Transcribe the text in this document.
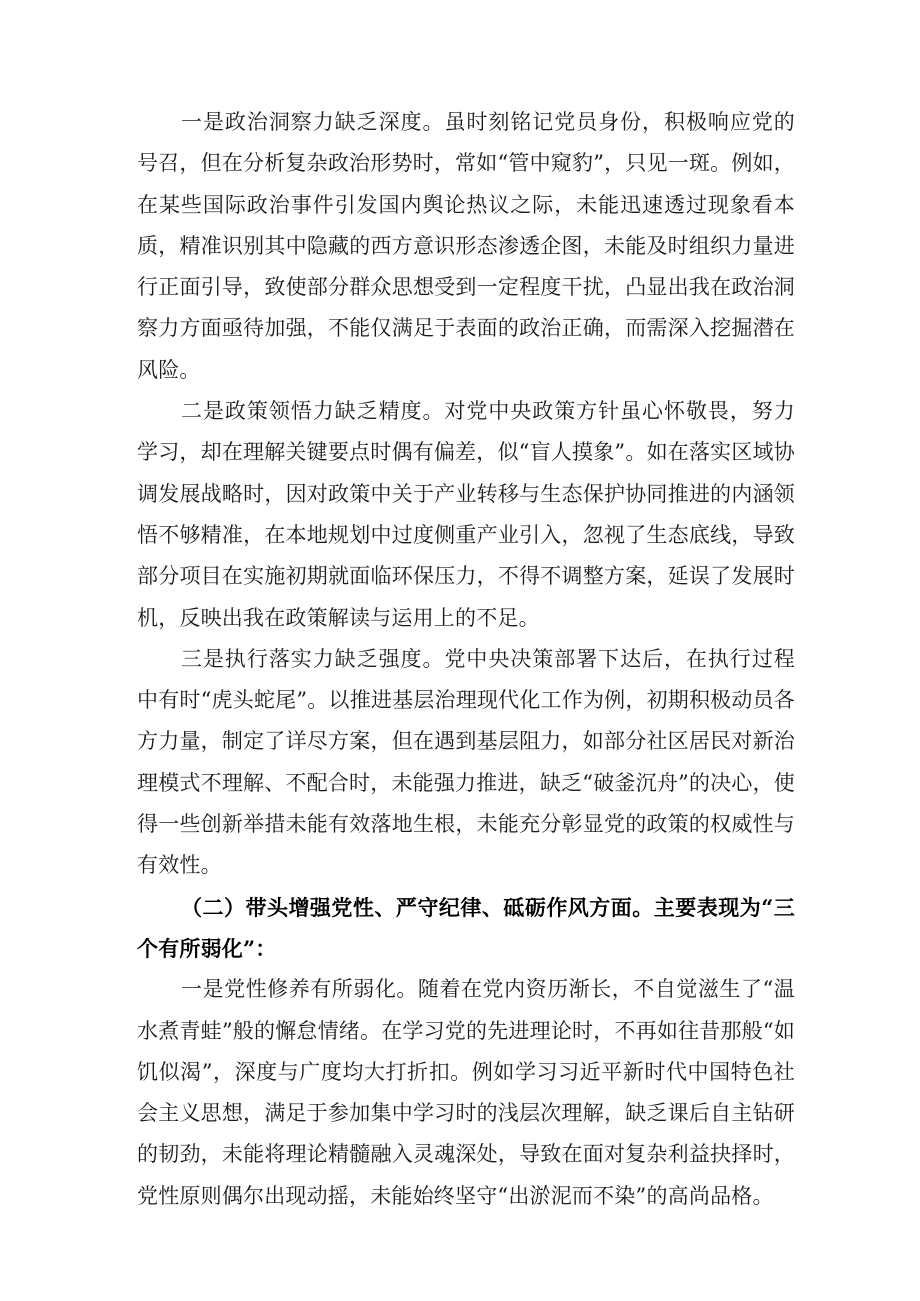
一是政治洞察力缺乏深度。虽时刻铭记党员身份，积极响应党的号召，但在分析复杂政治形势时，常如“管中窥豹”，只见一斑。例如，在某些国际政治事件引发国内舆论热议之际，未能迅速透过现象看本质，精准识别其中隐藏的西方意识形态渗透企图，未能及时组织力量进行正面引导，致使部分群众思想受到一定程度干扰，凸显出我在政治洞察力方面亟待加强，不能仅满足于表面的政治正确，而需深入挖掘潜在风险。

二是政策领悟力缺乏精度。对党中央政策方针虽心怀敬畏，努力学习，却在理解关键要点时偶有偏差，似“盲人摸象”。如在落实区域协调发展战略时，因对政策中关于产业转移与生态保护协同推进的内涵领悟不够精准，在本地规划中过度侧重产业引入，忽视了生态底线，导致部分项目在实施初期就面临环保压力，不得不调整方案，延误了发展时机，反映出我在政策解读与运用上的不足。

三是执行落实力缺乏强度。党中央决策部署下达后，在执行过程中有时“虎头蛇尾”。以推进基层治理现代化工作为例，初期积极动员各方力量，制定了详尽方案，但在遇到基层阻力，如部分社区居民对新治理模式不理解、不配合时，未能强力推进，缺乏“破釜沉舟”的决心，使得一些创新举措未能有效落地生根，未能充分彰显党的政策的权威性与有效性。

（二）带头增强党性、严守纪律、砥砺作风方面。主要表现为“三个有所弱化”：

一是党性修养有所弱化。随着在党内资历渐长，不自觉滋生了“温水煮青蛙”般的懈怠情绪。在学习党的先进理论时，不再如往昔那般“如饥似渴”，深度与广度均大打折扣。例如学习习近平新时代中国特色社会主义思想，满足于参加集中学习时的浅层次理解，缺乏课后自主钻研的韧劲，未能将理论精髓融入灵魂深处，导致在面对复杂利益抉择时，党性原则偶尔出现动摇，未能始终坚守“出淤泥而不染”的高尚品格。
